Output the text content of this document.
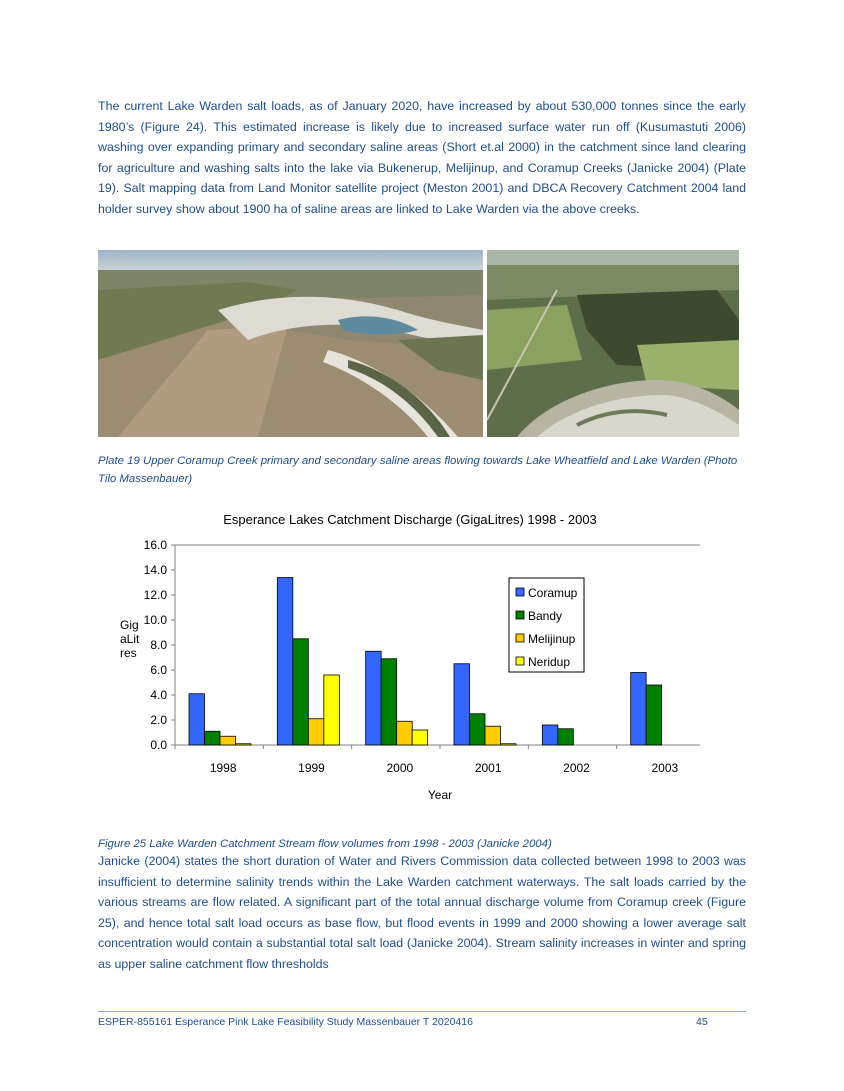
The current Lake Warden salt loads, as of January 2020, have increased by about 530,000 tonnes since the early 1980’s (Figure 24). This estimated increase is likely due to increased surface water run off (Kusumastuti 2006) washing over expanding primary and secondary saline areas (Short et.al 2000) in the catchment since land clearing for agriculture and washing salts into the lake via Bukenerup, Melijinup, and Coramup Creeks (Janicke 2004) (Plate 19). Salt mapping data from Land Monitor satellite project (Meston 2001) and DBCA Recovery Catchment 2004 land holder survey show about 1900 ha of saline areas are linked to Lake Warden via the above creeks.

Plate 19 Upper Coramup Creek primary and secondary saline areas flowing towards Lake Wheatfield and Lake Warden (Photo Tilo Massenbauer)

Esperance Lakes Catchment Discharge (GigaLitres) 1998 - 2003
0.0
2.0
4.0
6.0
8.0
10.0
12.0
14.0
16.0
1998	1999	2000	2001	2002	2003
Gig
aLit
res
Year
Coramup
Bandy
Melijinup
Neridup

Figure 25 Lake Warden Catchment Stream flow volumes from 1998 - 2003 (Janicke 2004)

Janicke (2004) states the short duration of Water and Rivers Commission data collected between 1998 to 2003 was insufficient to determine salinity trends within the Lake Warden catchment waterways. The salt loads carried by the various streams are flow related. A significant part of the total annual discharge volume from Coramup creek (Figure 25), and hence total salt load occurs as base flow, but flood events in 1999 and 2000 showing a lower average salt concentration would contain a substantial total salt load (Janicke 2004). Stream salinity increases in winter and spring as upper saline catchment flow thresholds

ESPER-855161 Esperance Pink Lake Feasibility Study Massenbauer T 2020416	45
